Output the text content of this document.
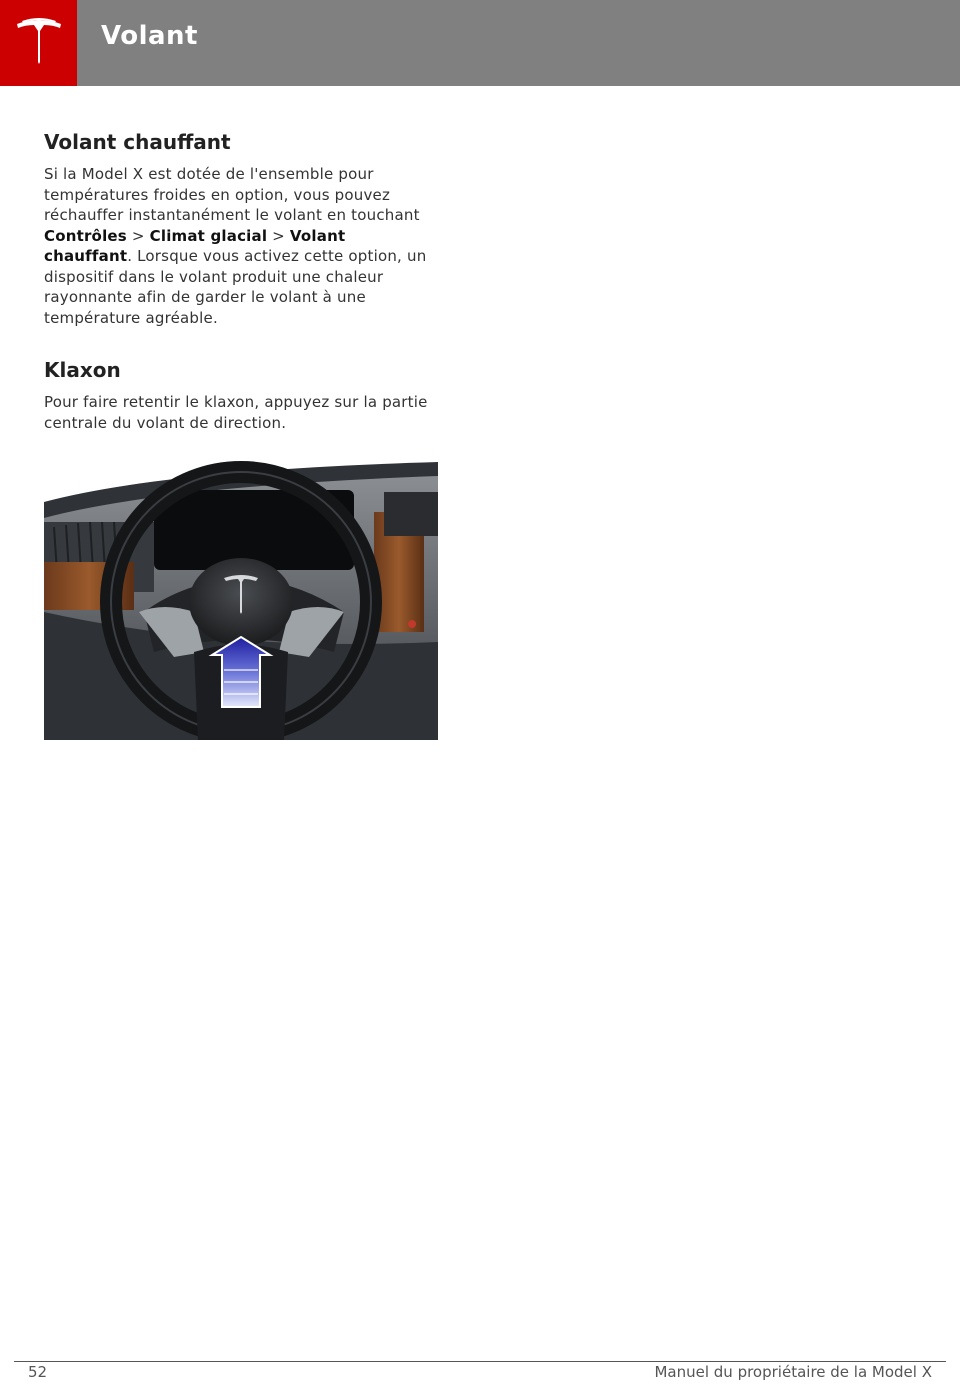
Volant
Volant chauffant

Si la Model X est dotée de l'ensemble pour températures froides en option, vous pouvez réchauffer instantanément le volant en touchant Contrôles > Climat glacial > Volant chauffant. Lorsque vous activez cette option, un dispositif dans le volant produit une chaleur rayonnante afin de garder le volant à une température agréable.

Klaxon

Pour faire retentir le klaxon, appuyez sur la partie centrale du volant de direction.

52	Manuel du propriétaire de la Model X
